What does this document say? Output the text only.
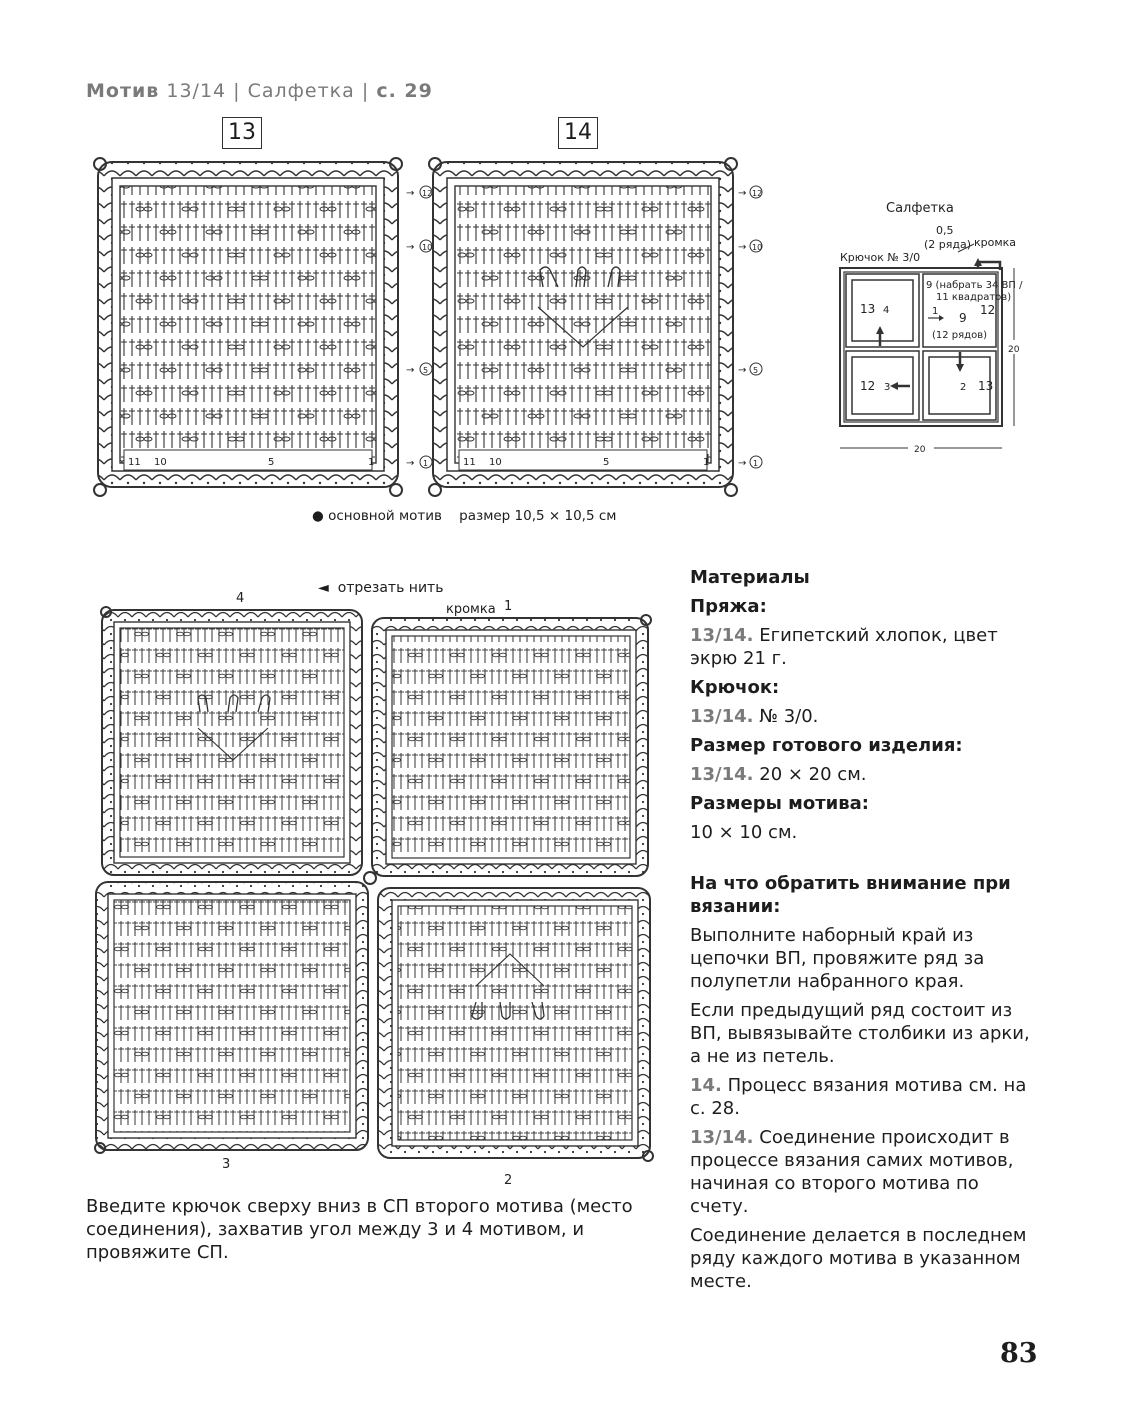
Мотив 13/14 | Салфетка | с. 29
13	14
11 10	5	1
→ 12
→ 10
→ 5
→ 1	11 10	5	1
→ 12
→ 10
→ 5
→ 1
● основной мотив размер 10,5 × 10,5 см
Салфетка
0,5
(2 ряда) кромка
Крючок № 3/0
13 4
9 (набрать 34 ВП /
11 квадратов)
1 9
12
(12 рядов)
12 3	2 13
20
20
4
1
3
2
◄ отрезать нить
кромка
Материалы
Пряжа:
13/14. Египетский хлопок, цвет экрю 21 г.
Крючок:
13/14. № 3/0.
Размер готового изделия:
13/14. 20 × 20 см.
Размеры мотива:
10 × 10 см.
На что обратить внимание при вязании:
Выполните наборный край из цепочки ВП, провяжите ряд за полупетли набранного края.
Если предыдущий ряд состоит из ВП, вывязывайте столбики из арки, а не из петель.
14. Процесс вязания мотива см. на с. 28.
13/14. Соединение происходит в процессе вязания самих мотивов, начиная со второго мотива по счету.
Соединение делается в последнем ряду каждого мотива в указанном месте.
Введите крючок сверху вниз в СП второго мотива (место соединения), захватив угол между 3 и 4 мотивом, и провяжите СП.
83
